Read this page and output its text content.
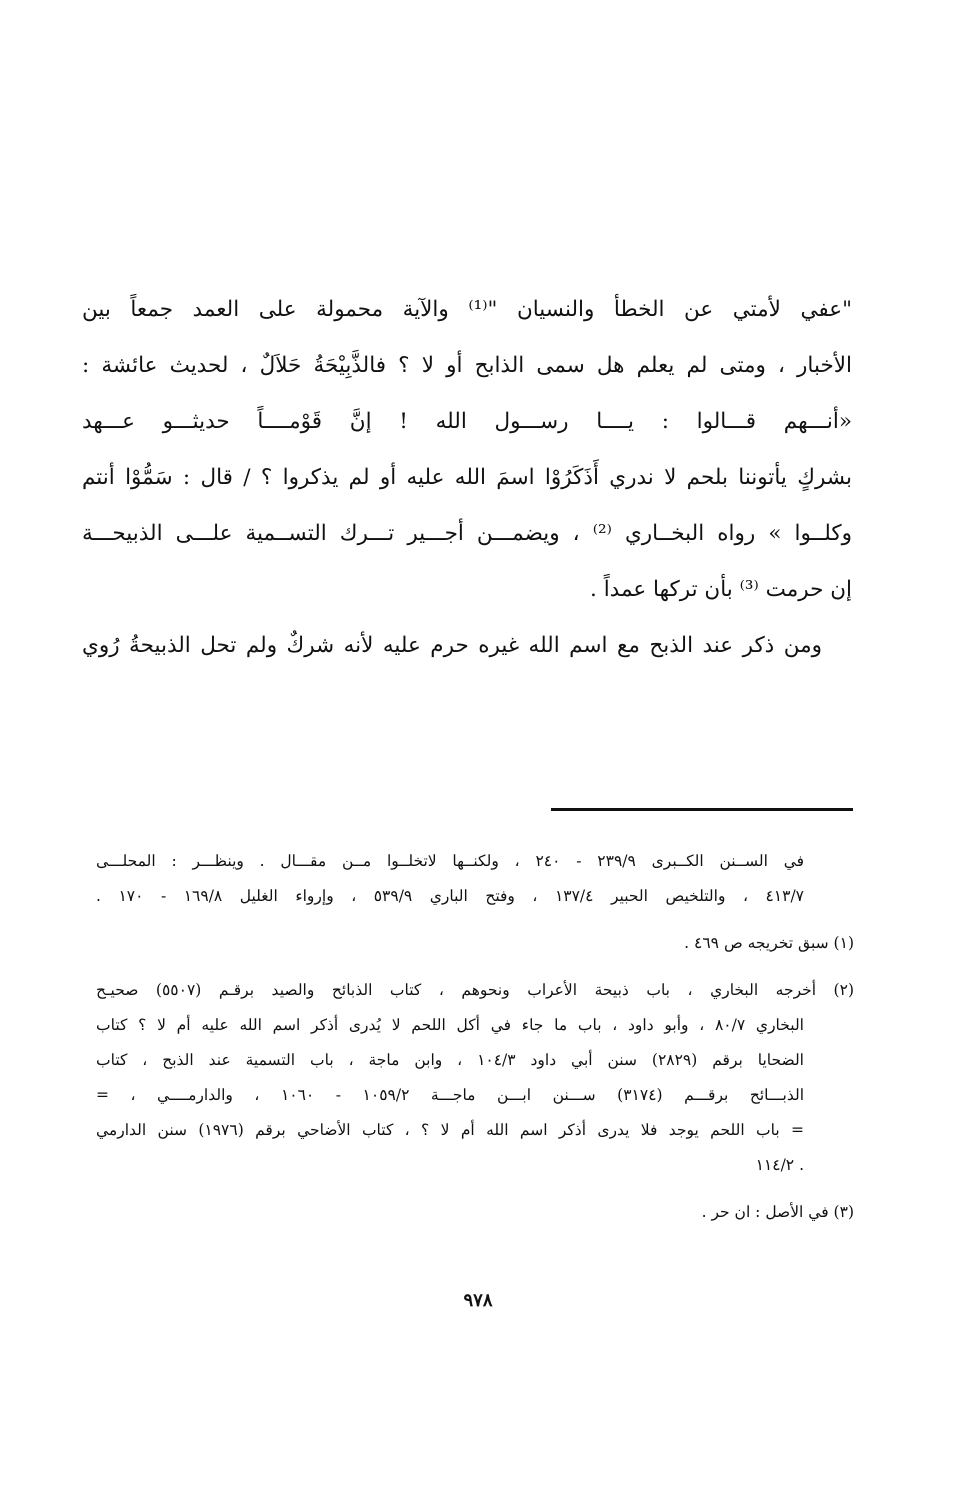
"عفي لأمتي عن الخطأ والنسيان "⁽¹⁾ والآية محمولة على العمد جمعاً بين
الأخبار ، ومتى لم يعلم هل سمى الذابح أو لا ؟ فالذَّبِيْحَةُ حَلاَلٌ ، لحديث عائشة :
«أنـــهم قـــالوا : يــــا رســـول الله ! إنَّ قَوْمــــاً حديثـــو عـــهد
بشركٍ يأتوننا بلحم لا ندري أَذَكَرُوْا اسمَ الله عليه أو لم يذكروا ؟ / قال : سَمُّوْا أنتم
وكلــوا » رواه البخــاري ⁽²⁾ ، ويضمـــن أجـــير تـــرك التســمية علـــى الذبيحـــة
إن حرمت ⁽³⁾ بأن تركها عمداً .
ومن ذكر عند الذبح مع اسم الله غيره حرم عليه لأنه شركٌ ولم تحل الذبيحةُ رُوي
في الســنن الكــبرى ٢٣٩/٩ - ٢٤٠ ، ولكنــها لاتخلــوا مــن مقـــال . وينظـــر : المحلـــى
٤١٣/٧ ، والتلخيص الحبير ١٣٧/٤ ، وفتح الباري ٥٣٩/٩ ، وإرواء الغليل ١٦٩/٨ - ١٧٠ .
(١) سبق تخريجه ص ٤٦٩ .
(٢) أخرجه البخاري ، باب ذبيحة الأعراب ونحوهم ، كتاب الذبائح والصيد برقـم (٥٥٠٧) صحيـح
البخاري ٨٠/٧ ، وأبو داود ، باب ما جاء في أكل اللحم لا يُدرى أذكر اسم الله عليه أم لا ؟ كتاب
الضحايا برقم (٢٨٢٩) سنن أبي داود ١٠٤/٣ ، وابن ماجة ، باب التسمية عند الذبح ، كتاب
الذبـــائح برقـــم (٣١٧٤) ســـنن ابـــن ماجـــة ١٠٥٩/٢ - ١٠٦٠ ، والدارمــــي ، =
= باب اللحم يوجد فلا يدرى أذكر اسم الله أم لا ؟ ، كتاب الأضاحي برقم (١٩٧٦) سنن الدارمي
. ١١٤/٢
(٣) في الأصل : ان حر .
٩٧٨
